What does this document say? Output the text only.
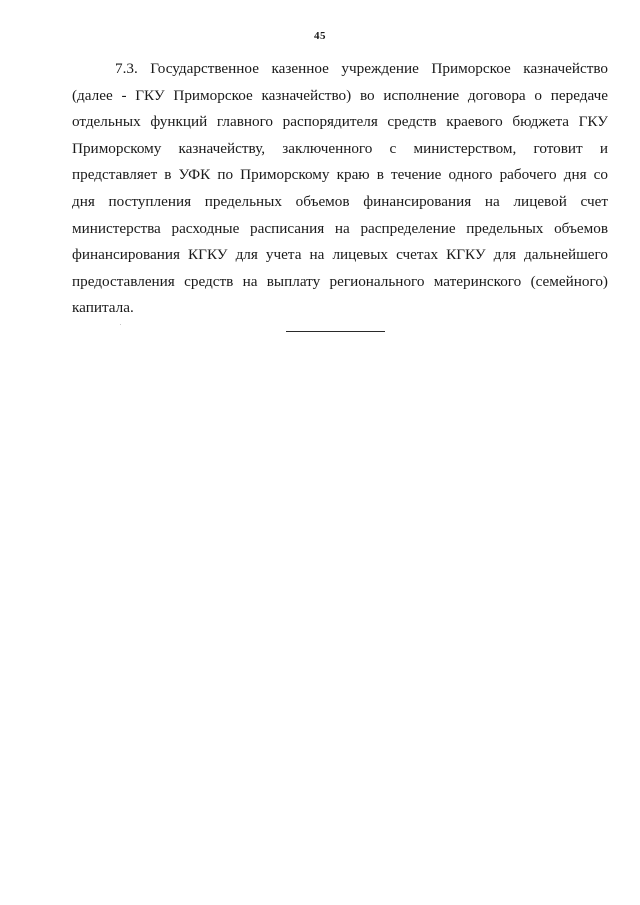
45

7.3. Государственное казенное учреждение Приморское казначейство
(далее - ГКУ Приморское казначейство) во исполнение договора о передаче
отдельных функций главного распорядителя средств краевого бюджета ГКУ
Приморскому казначейству, заключенного с министерством, готовит и
представляет в УФК по Приморскому краю в течение одного рабочего дня со
дня поступления предельных объемов финансирования на лицевой счет
министерства расходные расписания на распределение предельных объемов
финансирования КГКУ для учета на лицевых счетах КГКУ для дальнейшего
предоставления средств на выплату регионального материнского (семейного)
капитала.
